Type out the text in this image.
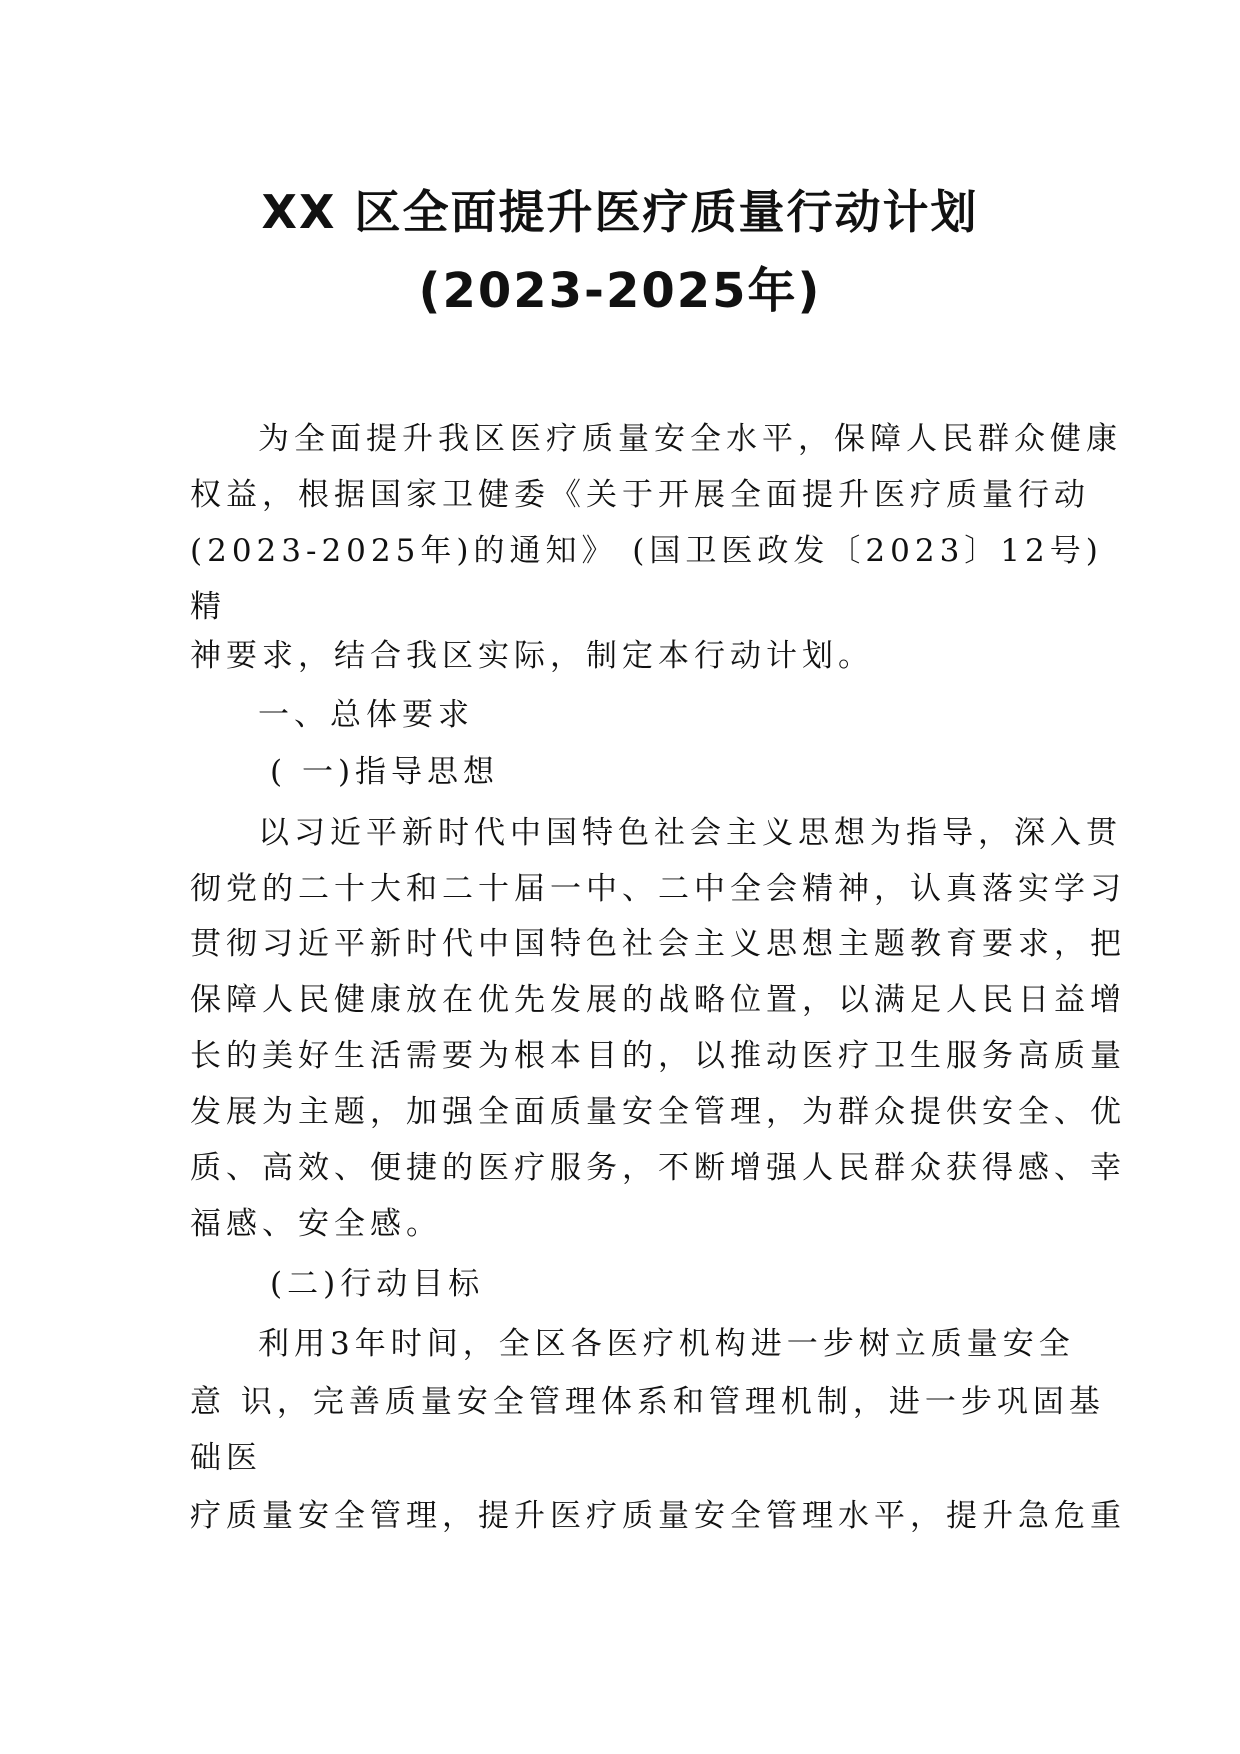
XX 区全面提升医疗质量行动计划
(2023-2025年)
为全面提升我区医疗质量安全水平，保障人民群众健康
权益，根据国家卫健委《关于开展全面提升医疗质量行动
(2023-2025年)的通知》 (国卫医政发〔2023〕12号)
精
神要求，结合我区实际，制定本行动计划。
一、总体要求
( 一)指导思想
以习近平新时代中国特色社会主义思想为指导，深入贯
彻党的二十大和二十届一中、二中全会精神，认真落实学习
贯彻习近平新时代中国特色社会主义思想主题教育要求，把
保障人民健康放在优先发展的战略位置，以满足人民日益增
长的美好生活需要为根本目的，以推动医疗卫生服务高质量
发展为主题，加强全面质量安全管理，为群众提供安全、优
质、高效、便捷的医疗服务，不断增强人民群众获得感、幸
福感、安全感。
(二)行动目标
利用3年时间，全区各医疗机构进一步树立质量安全
意 识，完善质量安全管理体系和管理机制，进一步巩固基
础医
疗质量安全管理，提升医疗质量安全管理水平，提升急危重
